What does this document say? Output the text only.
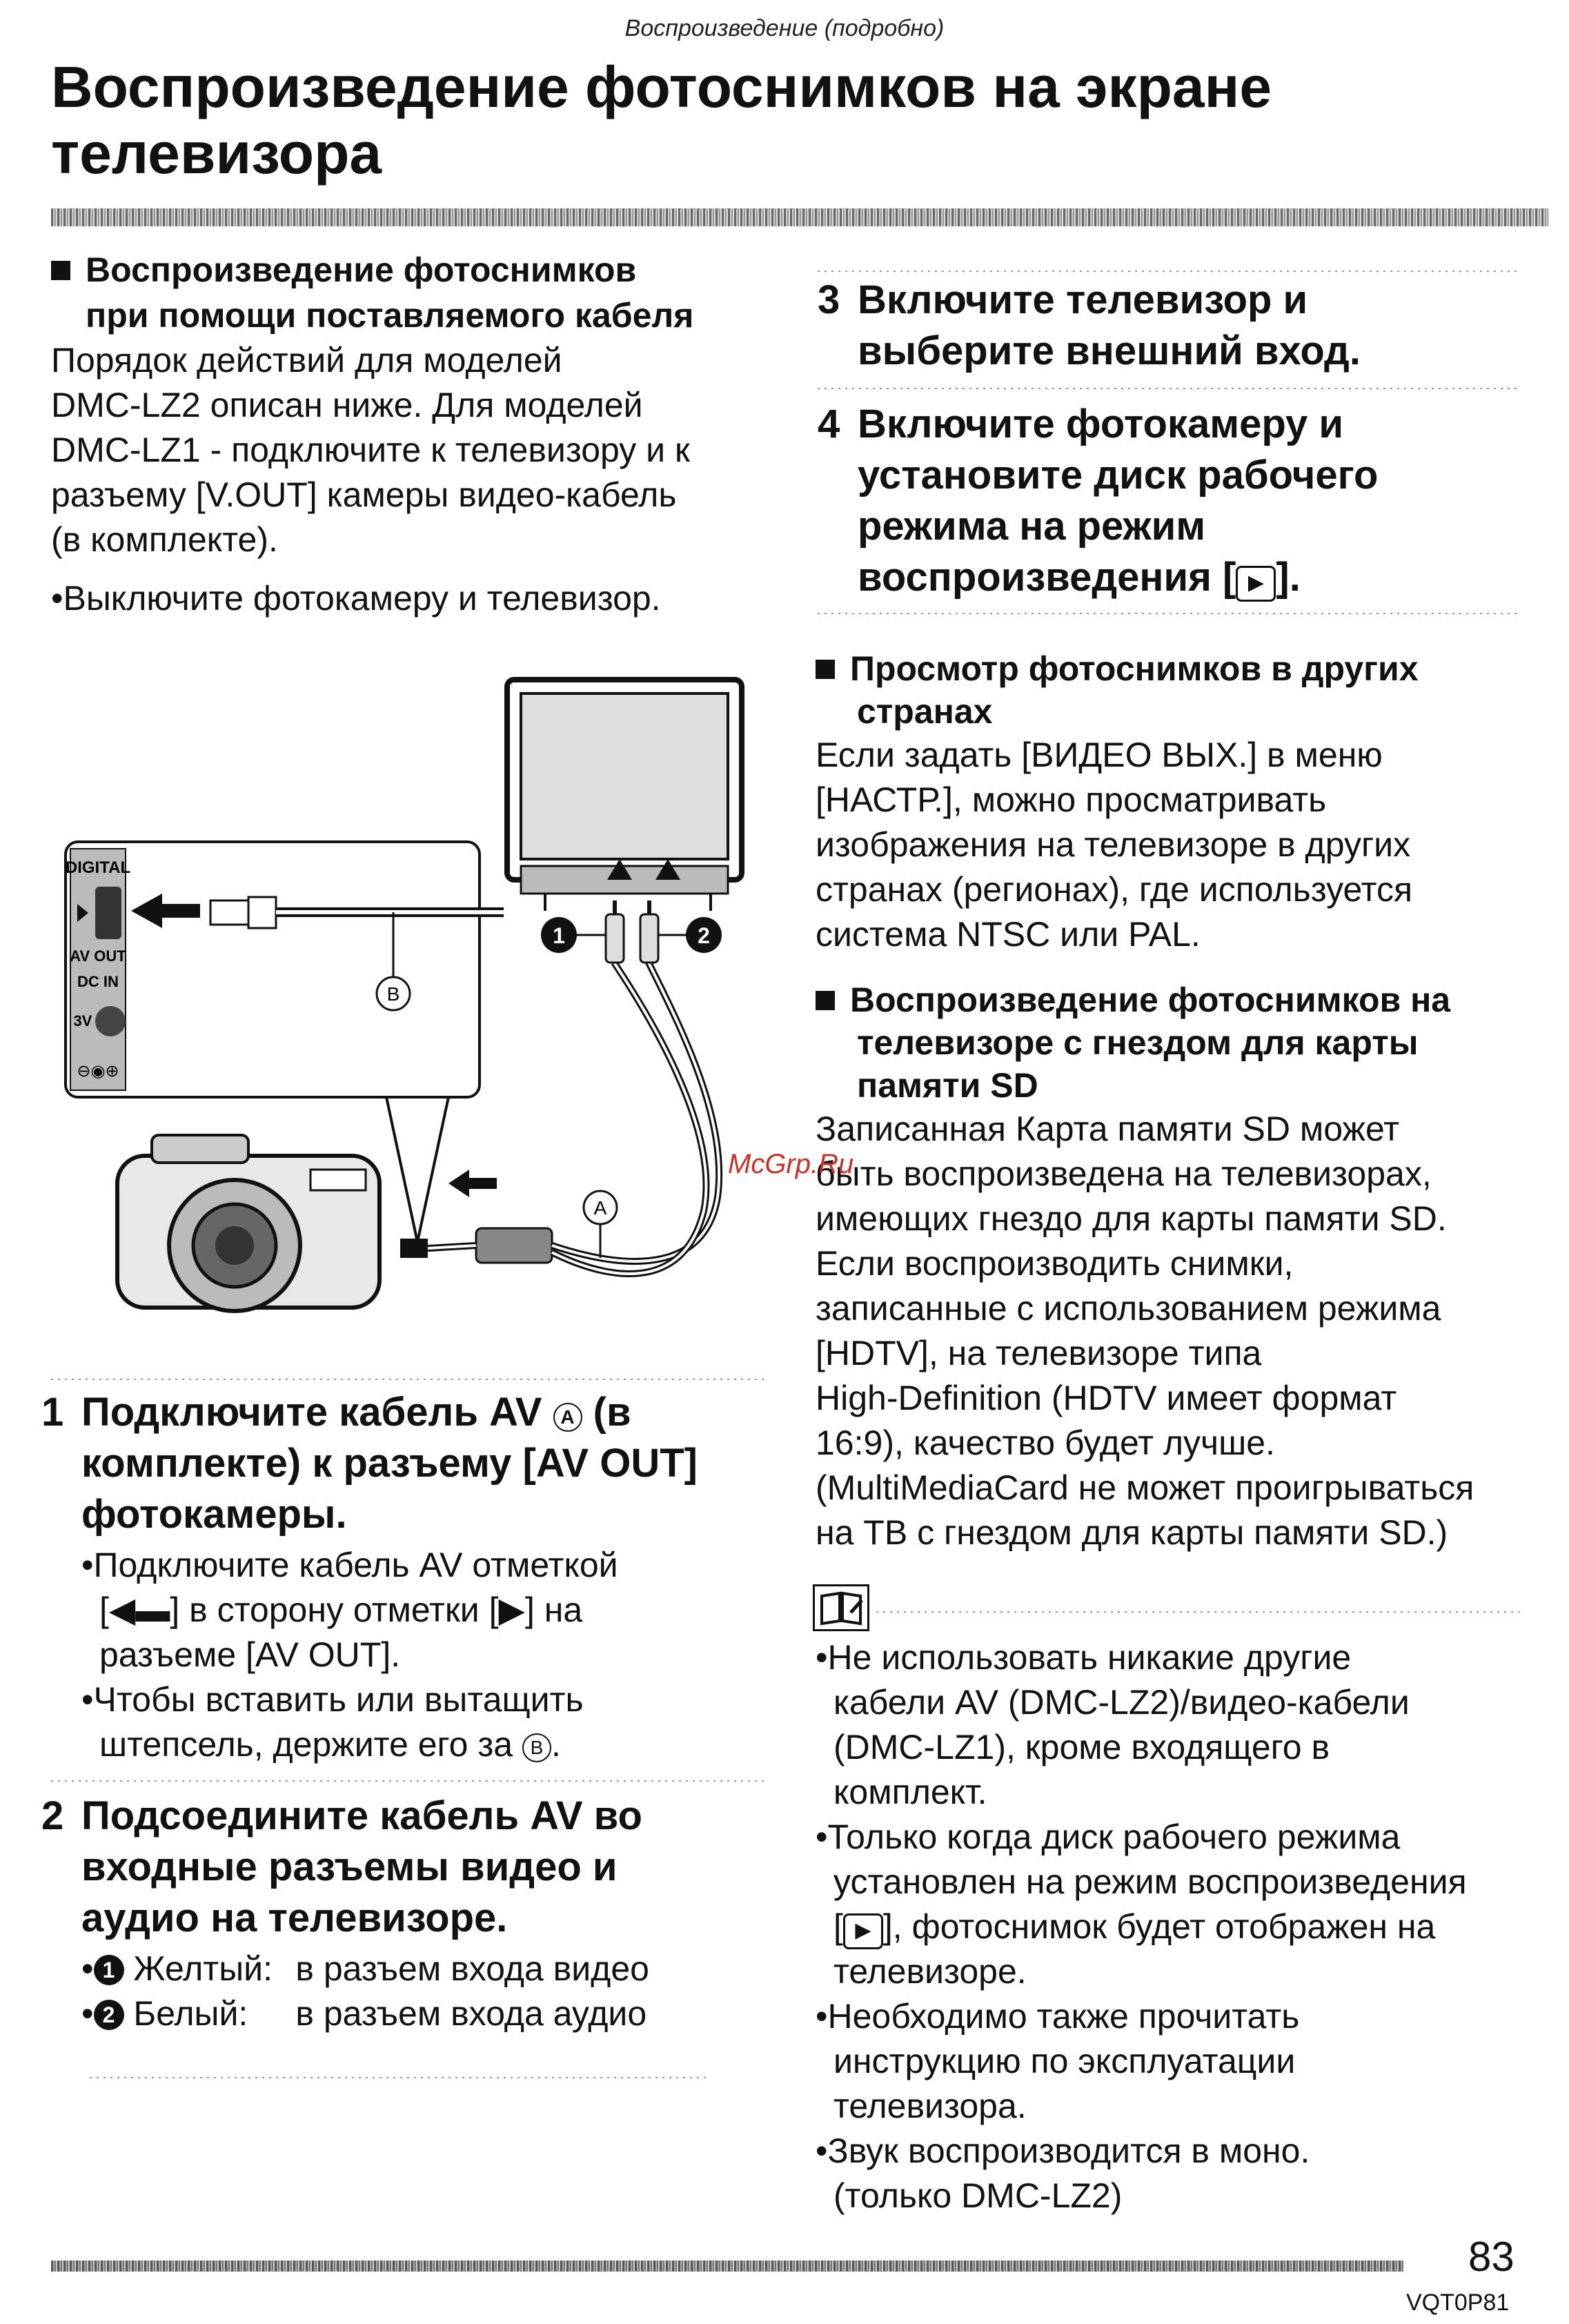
Воспроизведение (подробно)
Воспроизведение фотоснимков на экране
телевизора
Воспроизведение фотоснимков
при помощи поставляемого кабеля
Порядок действий для моделей
DMC-LZ2 описан ниже. Для моделей
DMC-LZ1 - подключите к телевизору и к
разъему [V.OUT] камеры видео-кабель
(в комплекте).
•Выключите фотокамеру и телевизор.
DIGITAL
AV OUT
DC IN
3V
⊖◉⊕
B
A
1	2
1 Подключите кабель AV A (в
комплекте) к разъему [AV OUT]
фотокамеры.
•Подключите кабель AV отметкой
[◀▬] в сторону отметки [▶] на
разъеме [AV OUT].
•Чтобы вставить или вытащить
штепсель, держите его за B .
2 Подсоедините кабель AV во
входные разъемы видео и
аудио на телевизоре.
• 1 Желтый: в разъем входа видео
• 2 Белый: в разъем входа аудио
3 Включите телевизор и
выберите внешний вход.
4 Включите фотокамеру и
установите диск рабочего
режима на режим
воспроизведения [ ▶ ].
Просмотр фотоснимков в других
странах
Если задать [ВИДЕО ВЫХ.] в меню
[НАСТР.], можно просматривать
изображения на телевизоре в других
странах (регионах), где используется
система NTSC или PAL.
Воспроизведение фотоснимков на
телевизоре с гнездом для карты
памяти SD
Записанная Карта памяти SD может
быть воспроизведена на телевизорах,
имеющих гнездо для карты памяти SD.
Если воспроизводить снимки,
записанные с использованием режима
[HDTV], на телевизоре типа
High-Definition (HDTV имеет формат
16:9), качество будет лучше.
(MultiMediaCard не может проигрываться
на ТВ с гнездом для карты памяти SD.)
•Не использовать никакие другие
кабели AV (DMC-LZ2)/видео-кабели
(DMC-LZ1), кроме входящего в
комплект.
•Только когда диск рабочего режима
установлен на режим воспроизведения
[ ▶ ], фотоснимок будет отображен на
телевизоре.
•Необходимо также прочитать
инструкцию по эксплуатации
телевизора.
•Звук воспроизводится в моно.
(только DMC-LZ2)
McGrp.Ru
83
VQT0P81
